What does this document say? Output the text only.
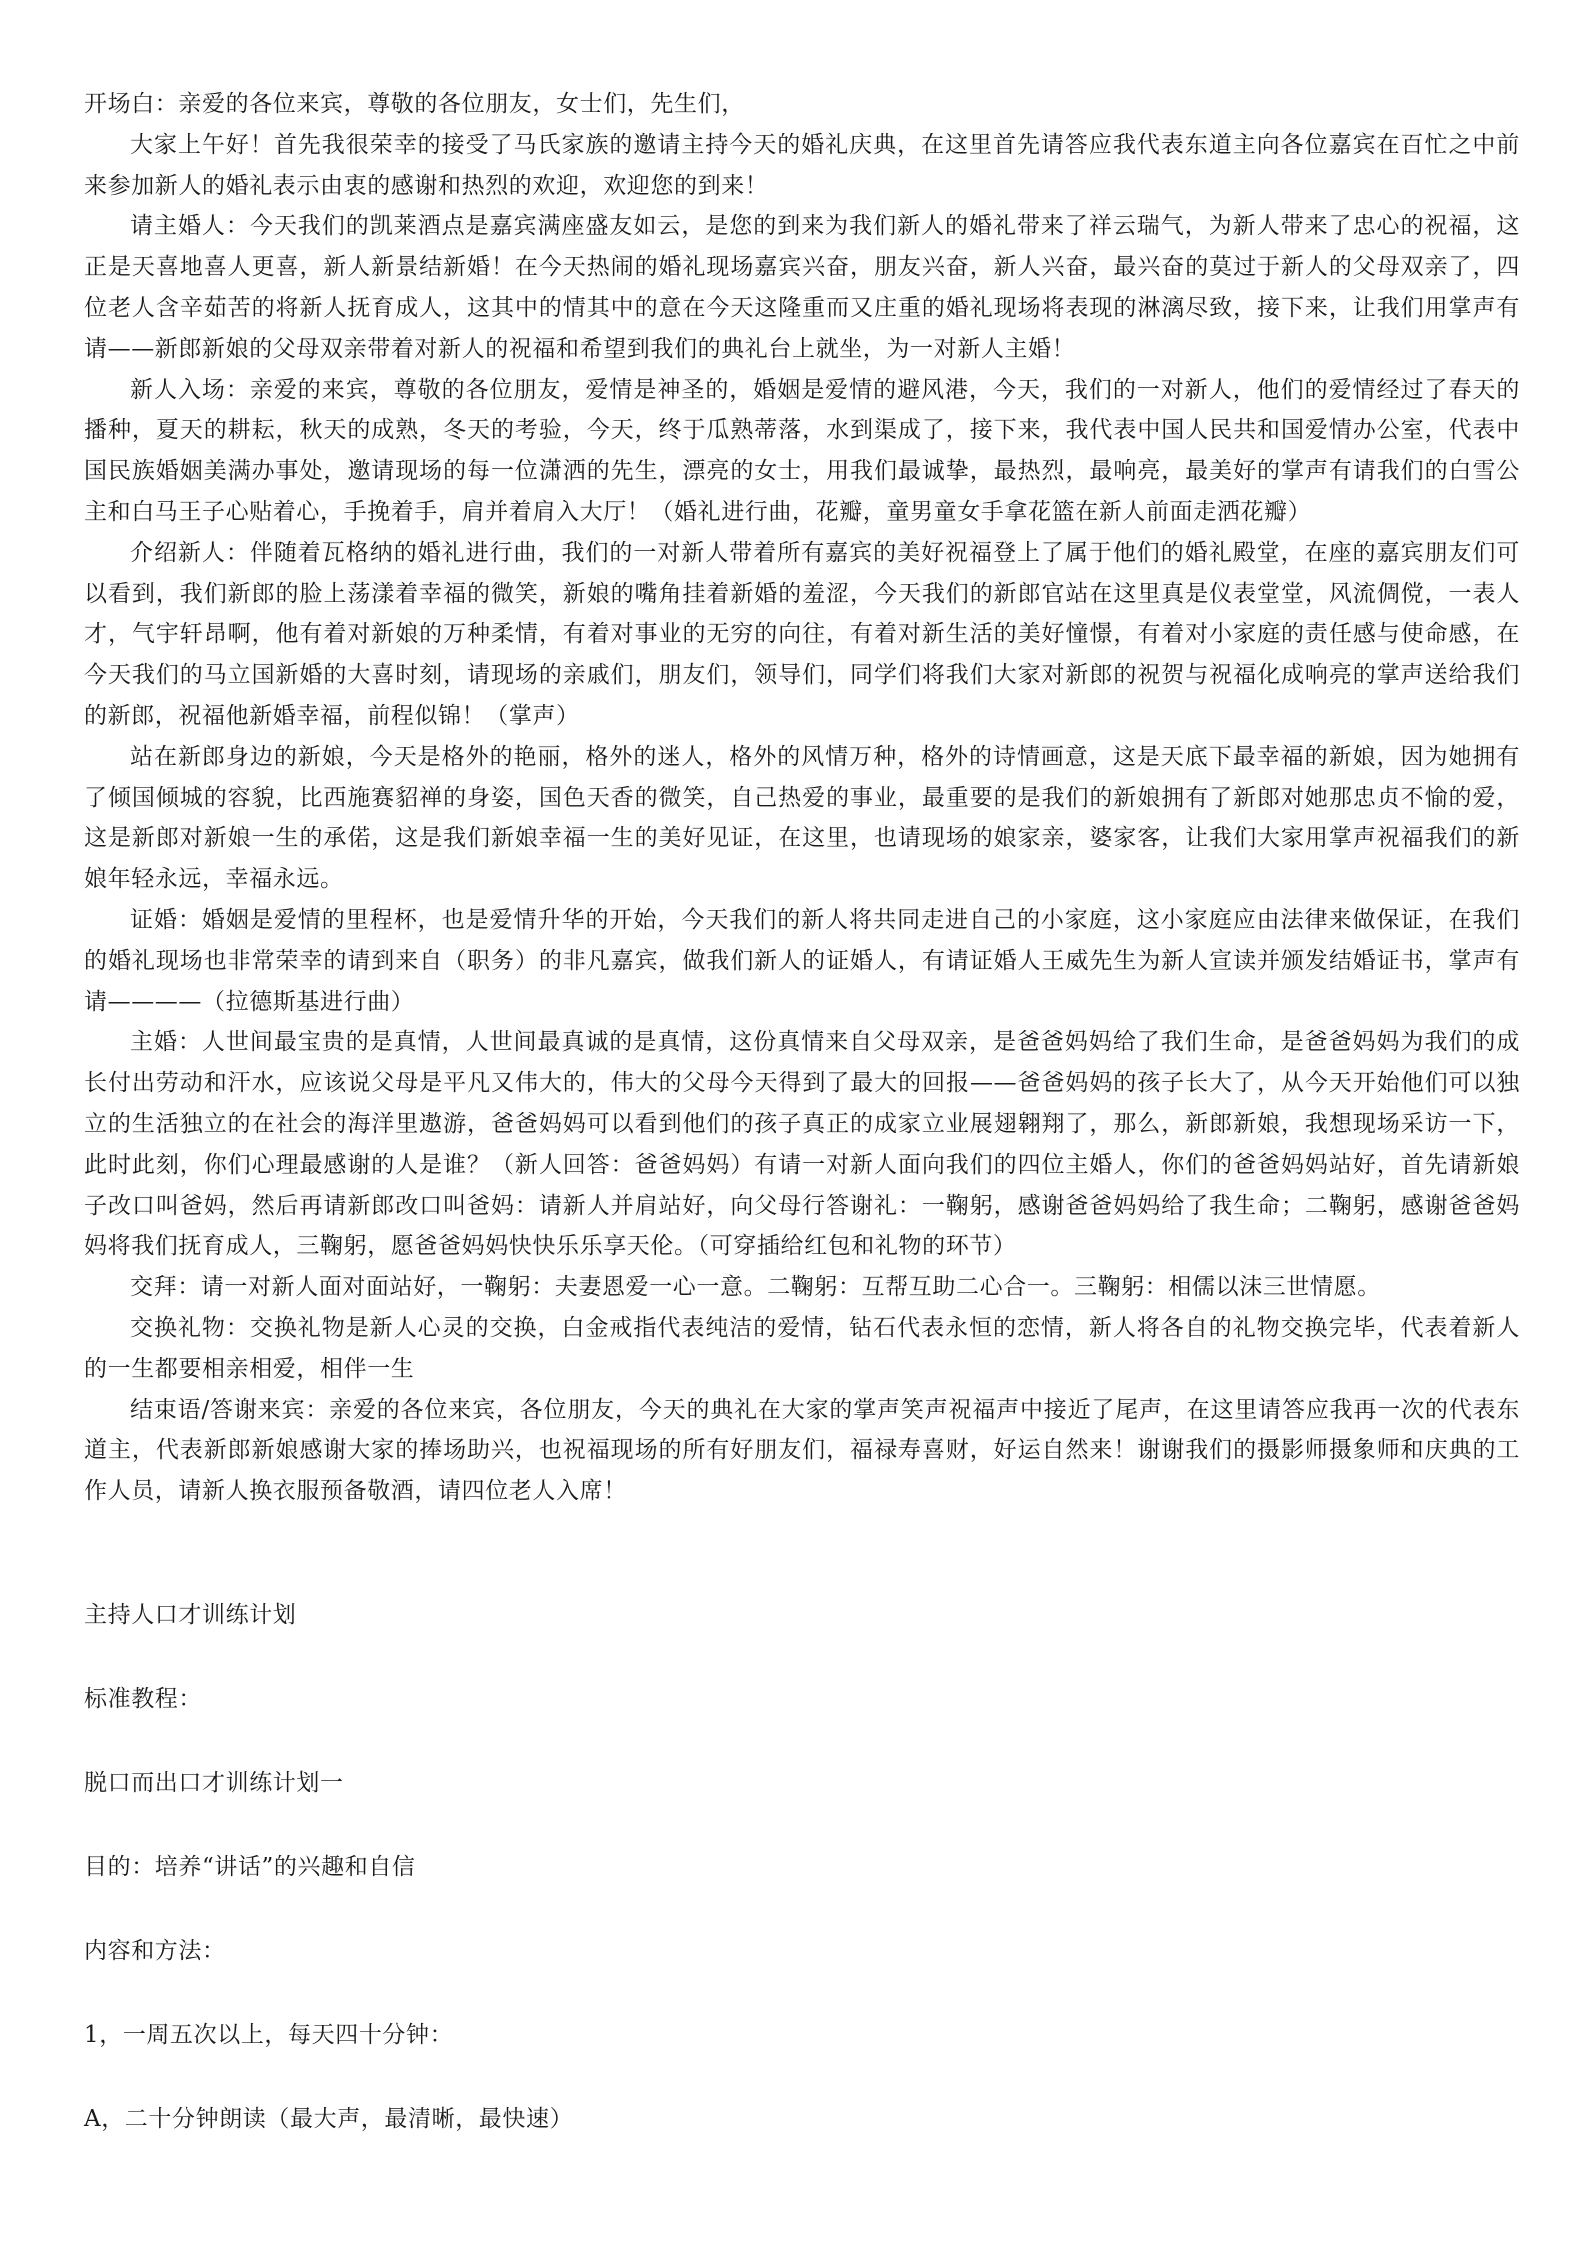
开场白：亲爱的各位来宾，尊敬的各位朋友，女士们，先生们，

大家上午好！首先我很荣幸的接受了马氏家族的邀请主持今天的婚礼庆典，在这里首先请答应我代表东道主向各位嘉宾在百忙之中前来参加新人的婚礼表示由衷的感谢和热烈的欢迎，欢迎您的到来！

请主婚人：今天我们的凯莱酒点是嘉宾满座盛友如云，是您的到来为我们新人的婚礼带来了祥云瑞气，为新人带来了忠心的祝福，这正是天喜地喜人更喜，新人新景结新婚！在今天热闹的婚礼现场嘉宾兴奋，朋友兴奋，新人兴奋，最兴奋的莫过于新人的父母双亲了，四位老人含辛茹苦的将新人抚育成人，这其中的情其中的意在今天这隆重而又庄重的婚礼现场将表现的淋漓尽致，接下来，让我们用掌声有请——新郎新娘的父母双亲带着对新人的祝福和希望到我们的典礼台上就坐，为一对新人主婚！

新人入场：亲爱的来宾，尊敬的各位朋友，爱情是神圣的，婚姻是爱情的避风港，今天，我们的一对新人，他们的爱情经过了春天的播种，夏天的耕耘，秋天的成熟，冬天的考验，今天，终于瓜熟蒂落，水到渠成了，接下来，我代表中国人民共和国爱情办公室，代表中国民族婚姻美满办事处，邀请现场的每一位潇洒的先生，漂亮的女士，用我们最诚挚，最热烈，最响亮，最美好的掌声有请我们的白雪公主和白马王子心贴着心，手挽着手，肩并着肩入大厅！（婚礼进行曲，花瓣，童男童女手拿花篮在新人前面走洒花瓣）

介绍新人：伴随着瓦格纳的婚礼进行曲，我们的一对新人带着所有嘉宾的美好祝福登上了属于他们的婚礼殿堂，在座的嘉宾朋友们可以看到，我们新郎的脸上荡漾着幸福的微笑，新娘的嘴角挂着新婚的羞涩，今天我们的新郎官站在这里真是仪表堂堂，风流倜傥，一表人才，气宇轩昂啊，他有着对新娘的万种柔情，有着对事业的无穷的向往，有着对新生活的美好憧憬，有着对小家庭的责任感与使命感，在今天我们的马立国新婚的大喜时刻，请现场的亲戚们，朋友们，领导们，同学们将我们大家对新郎的祝贺与祝福化成响亮的掌声送给我们的新郎，祝福他新婚幸福，前程似锦！（掌声）

站在新郎身边的新娘，今天是格外的艳丽，格外的迷人，格外的风情万种，格外的诗情画意，这是天底下最幸福的新娘，因为她拥有了倾国倾城的容貌，比西施赛貂禅的身姿，国色天香的微笑，自己热爱的事业，最重要的是我们的新娘拥有了新郎对她那忠贞不愉的爱，这是新郎对新娘一生的承偌，这是我们新娘幸福一生的美好见证，在这里，也请现场的娘家亲，婆家客，让我们大家用掌声祝福我们的新娘年轻永远，幸福永远。

证婚：婚姻是爱情的里程杯，也是爱情升华的开始，今天我们的新人将共同走进自己的小家庭，这小家庭应由法律来做保证，在我们的婚礼现场也非常荣幸的请到来自（职务）的非凡嘉宾，做我们新人的证婚人，有请证婚人王威先生为新人宣读并颁发结婚证书，掌声有请————（拉德斯基进行曲）

主婚：人世间最宝贵的是真情，人世间最真诚的是真情，这份真情来自父母双亲，是爸爸妈妈给了我们生命，是爸爸妈妈为我们的成长付出劳动和汗水，应该说父母是平凡又伟大的，伟大的父母今天得到了最大的回报——爸爸妈妈的孩子长大了，从今天开始他们可以独立的生活独立的在社会的海洋里遨游，爸爸妈妈可以看到他们的孩子真正的成家立业展翅翱翔了，那么，新郎新娘，我想现场采访一下，此时此刻，你们心理最感谢的人是谁？（新人回答：爸爸妈妈）有请一对新人面向我们的四位主婚人，你们的爸爸妈妈站好，首先请新娘子改口叫爸妈，然后再请新郎改口叫爸妈：请新人并肩站好，向父母行答谢礼：一鞠躬，感谢爸爸妈妈给了我生命；二鞠躬，感谢爸爸妈妈将我们抚育成人，三鞠躬，愿爸爸妈妈快快乐乐享天伦。（可穿插给红包和礼物的环节）

交拜：请一对新人面对面站好，一鞠躬：夫妻恩爱一心一意。二鞠躬：互帮互助二心合一。三鞠躬：相儒以沫三世情愿。

交换礼物：交换礼物是新人心灵的交换，白金戒指代表纯洁的爱情，钻石代表永恒的恋情，新人将各自的礼物交换完毕，代表着新人的一生都要相亲相爱，相伴一生

结束语/答谢来宾：亲爱的各位来宾，各位朋友，今天的典礼在大家的掌声笑声祝福声中接近了尾声，在这里请答应我再一次的代表东道主，代表新郎新娘感谢大家的捧场助兴，也祝福现场的所有好朋友们，福禄寿喜财，好运自然来！谢谢我们的摄影师摄象师和庆典的工作人员，请新人换衣服预备敬酒，请四位老人入席！

主持人口才训练计划

标准教程：

脱口而出口才训练计划一

目的：培养“讲话”的兴趣和自信

内容和方法：

1，一周五次以上，每天四十分钟：

A，二十分钟朗读（最大声，最清晰，最快速）
